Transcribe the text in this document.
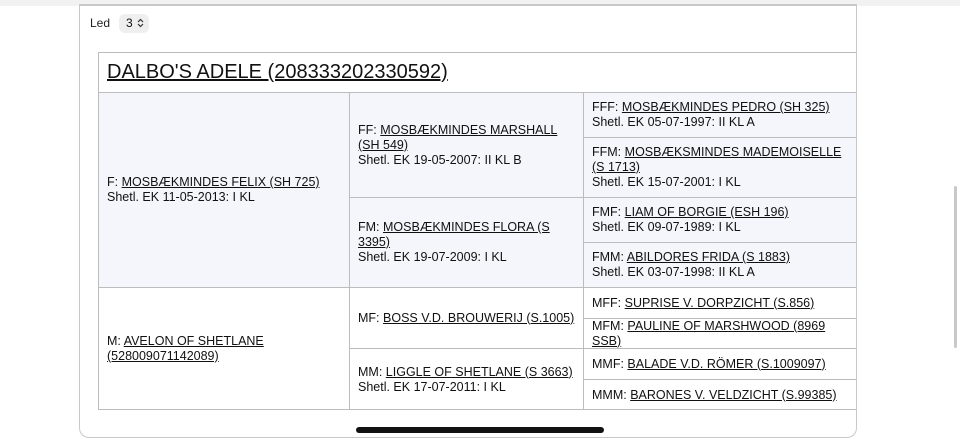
Led 3
DALBO'S ADELE (208333202330592)
F: MOSBÆKMINDES FELIX (SH 725)
Shetl. EK 11-05-2013: I KL
M: AVELON OF SHETLANE (528009071142089)
FF: MOSBÆKMINDES MARSHALL (SH 549)
Shetl. EK 19-05-2007: II KL B
FM: MOSBÆKMINDES FLORA (S 3395)
Shetl. EK 19-07-2009: I KL
MF: BOSS V.D. BROUWERIJ (S.1005)
MM: LIGGLE OF SHETLANE (S 3663)
Shetl. EK 17-07-2011: I KL
FFF: MOSBÆKMINDES PEDRO (SH 325)
Shetl. EK 05-07-1997: II KL A
FFM: MOSBÆKSMINDES MADEMOISELLE (S 1713)
Shetl. EK 15-07-2001: I KL
FMF: LIAM OF BORGIE (ESH 196)
Shetl. EK 09-07-1989: I KL
FMM: ABILDORES FRIDA (S 1883)
Shetl. EK 03-07-1998: II KL A
MFF: SUPRISE V. DORPZICHT (S.856)
MFM: PAULINE OF MARSHWOOD (8969 SSB)
MMF: BALADE V.D. RÖMER (S.1009097)
MMM: BARONES V. VELDZICHT (S.99385)
